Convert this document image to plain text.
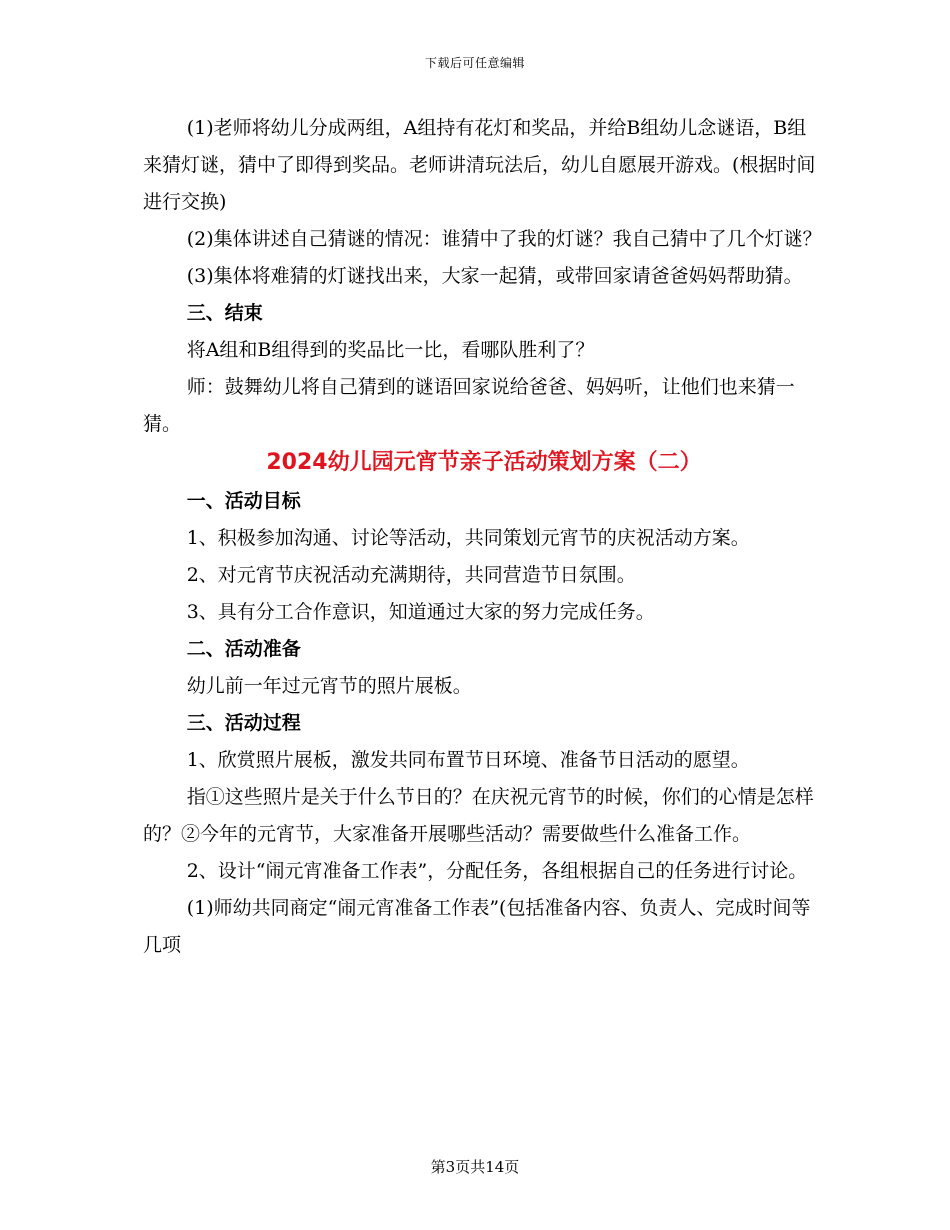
下载后可任意编辑

(1)老师将幼儿分成两组，A组持有花灯和奖品，并给B组幼儿念谜语，B组来猜灯谜，猜中了即得到奖品。老师讲清玩法后，幼儿自愿展开游戏。(根据时间进行交换)

(2)集体讲述自己猜谜的情况：谁猜中了我的灯谜？我自己猜中了几个灯谜？

(3)集体将难猜的灯谜找出来，大家一起猜，或带回家请爸爸妈妈帮助猜。

三、结束

将A组和B组得到的奖品比一比，看哪队胜利了？

师：鼓舞幼儿将自己猜到的谜语回家说给爸爸、妈妈听，让他们也来猜一猜。

2024幼儿园元宵节亲子活动策划方案（二）

一、活动目标

1、积极参加沟通、讨论等活动，共同策划元宵节的庆祝活动方案。

2、对元宵节庆祝活动充满期待，共同营造节日氛围。

3、具有分工合作意识，知道通过大家的努力完成任务。

二、活动准备

幼儿前一年过元宵节的照片展板。

三、活动过程

1、欣赏照片展板，激发共同布置节日环境、准备节日活动的愿望。

指①这些照片是关于什么节日的？在庆祝元宵节的时候，你们的心情是怎样的？②今年的元宵节，大家准备开展哪些活动？需要做些什么准备工作。

2、设计“闹元宵准备工作表”，分配任务，各组根据自己的任务进行讨论。

(1)师幼共同商定“闹元宵准备工作表”(包括准备内容、负责人、完成时间等几项

第3页共14页
